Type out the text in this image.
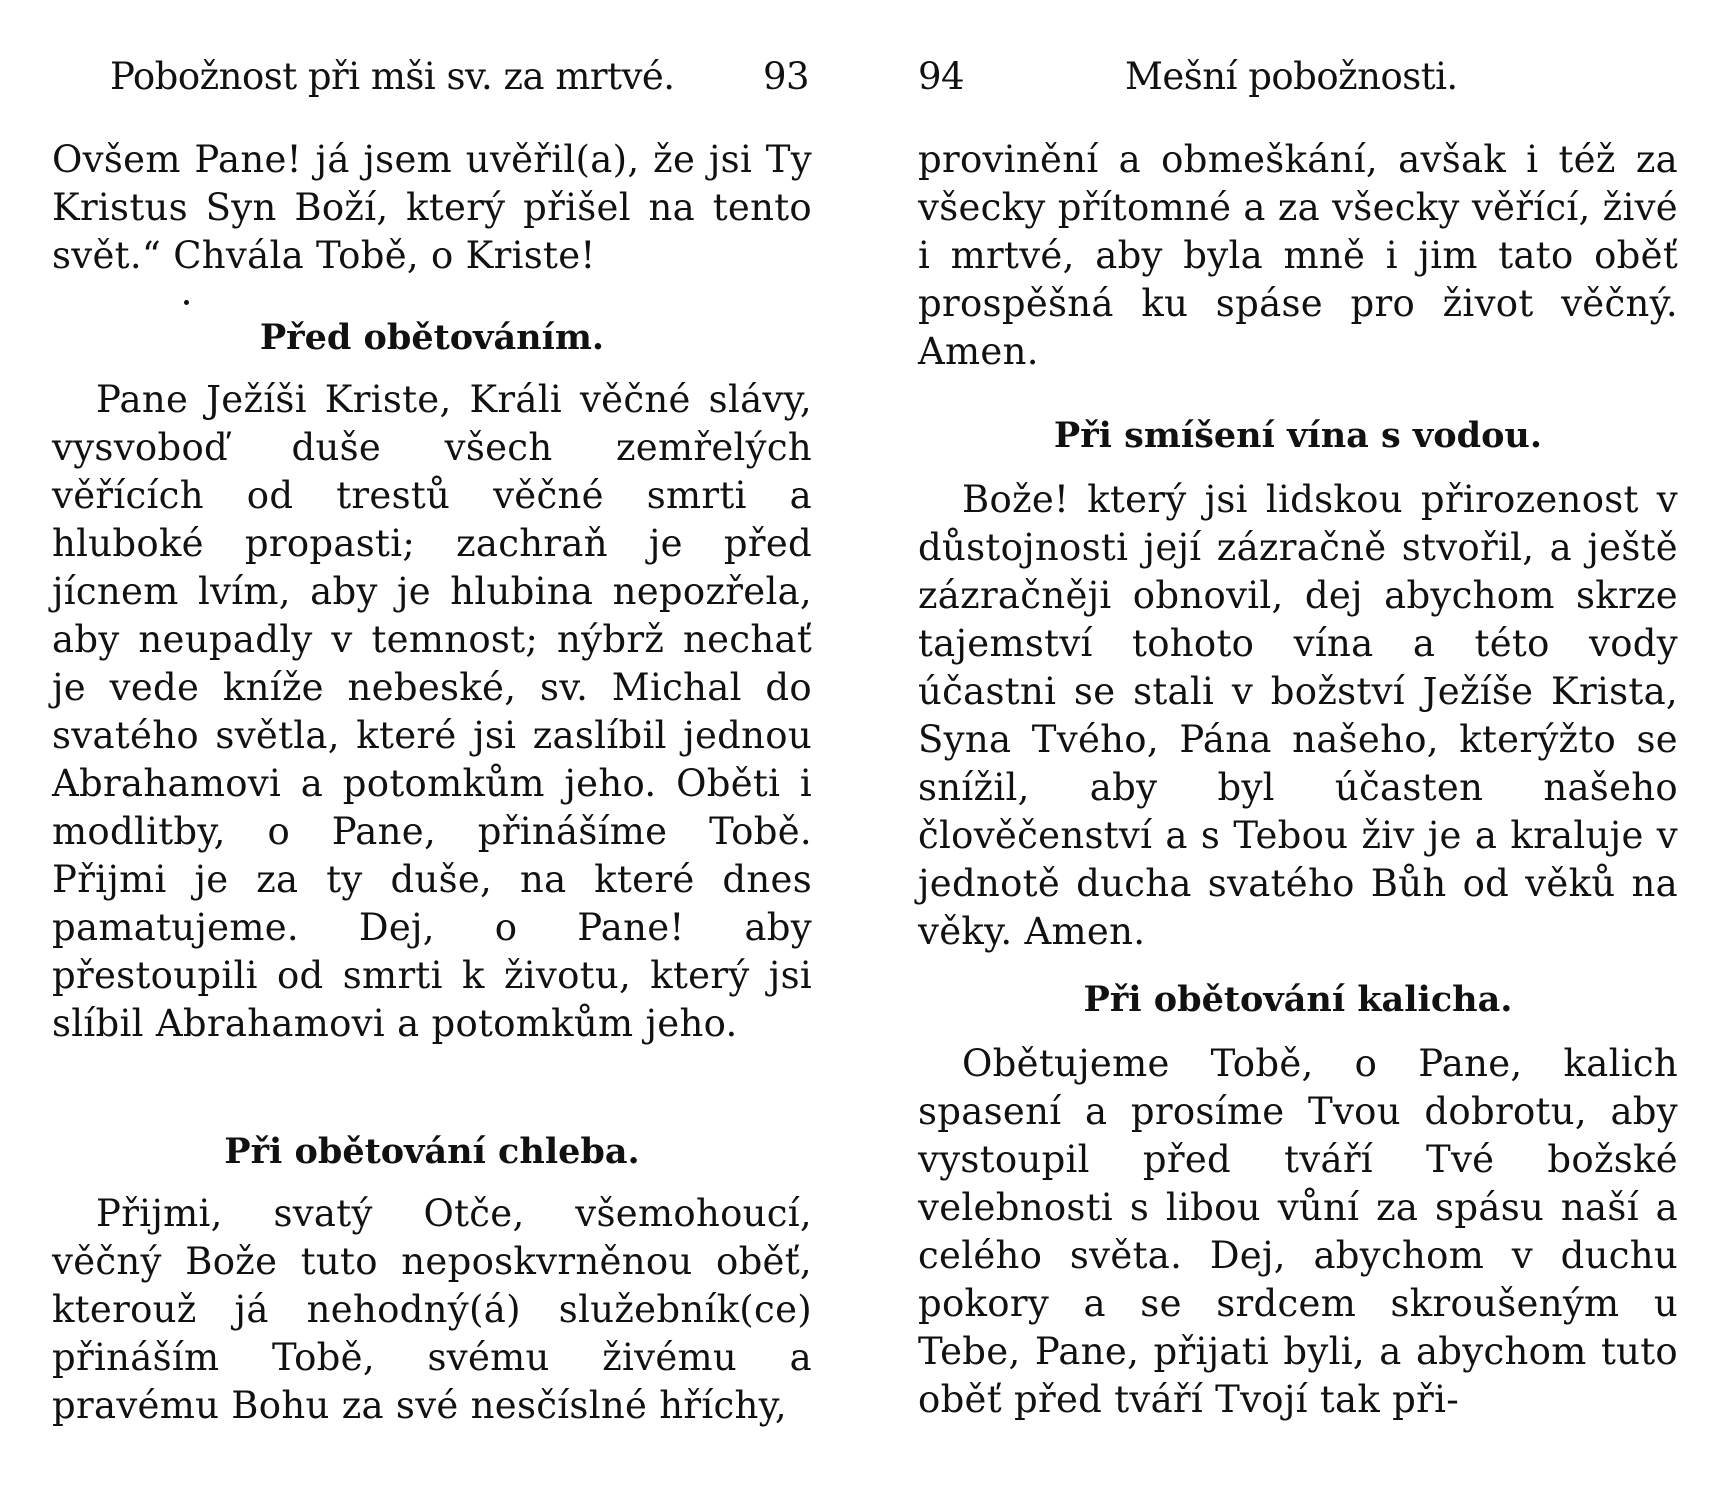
Pobožnost při mši sv. za mrtvé. 93

Ovšem Pane! já jsem uvěřil(a), že jsi Ty Kristus Syn Boží, který přišel na tento svět.“ Chvála Tobě, o Kriste!

Před obětováním.

Pane Ježíši Kriste, Králi věčné slávy, vysvoboď duše všech zemřelých věřících od trestů věčné smrti a hluboké propasti; zachraň je před jícnem lvím, aby je hlubina nepozřela, aby neupadly v temnost; nýbrž nechať je vede kníže nebeské, sv. Michal do svatého světla, které jsi zaslíbil jednou Abrahamovi a potomkům jeho. Oběti i modlitby, o Pane, přinášíme Tobě. Přijmi je za ty duše, na které dnes pamatujeme. Dej, o Pane! aby přestoupili od smrti k životu, který jsi slíbil Abrahamovi a potomkům jeho.

Při obětování chleba.

Přijmi, svatý Otče, všemohoucí, věčný Bože tuto neposkvrněnou oběť, kterouž já nehodný(á) služebník(ce) přináším Tobě, svému živému a pravému Bohu za své nesčíslné hříchy,

94	Mešní pobožnosti.

provinění a obmeškání, avšak i též za všecky přítomné a za všecky věřící, živé i mrtvé, aby byla mně i jim tato oběť prospěšná ku spáse pro život věčný. Amen.

Při smíšení vína s vodou.

Bože! který jsi lidskou přirozenost v důstojnosti její zázračně stvořil, a ještě zázračněji obnovil, dej abychom skrze tajemství tohoto vína a této vody účastni se stali v božství Ježíše Krista, Syna Tvého, Pána našeho, kterýžto se snížil, aby byl účasten našeho člověčenství a s Tebou živ je a kraluje v jednotě ducha svatého Bůh od věků na věky. Amen.

Při obětování kalicha.

Obětujeme Tobě, o Pane, kalich spasení a prosíme Tvou dobrotu, aby vystoupil před tváří Tvé božské velebnosti s libou vůní za spásu naší a celého světa. Dej, abychom v duchu pokory a se srdcem skroušeným u Tebe, Pane, přijati byli, a abychom tuto oběť před tváří Tvojí tak při-
